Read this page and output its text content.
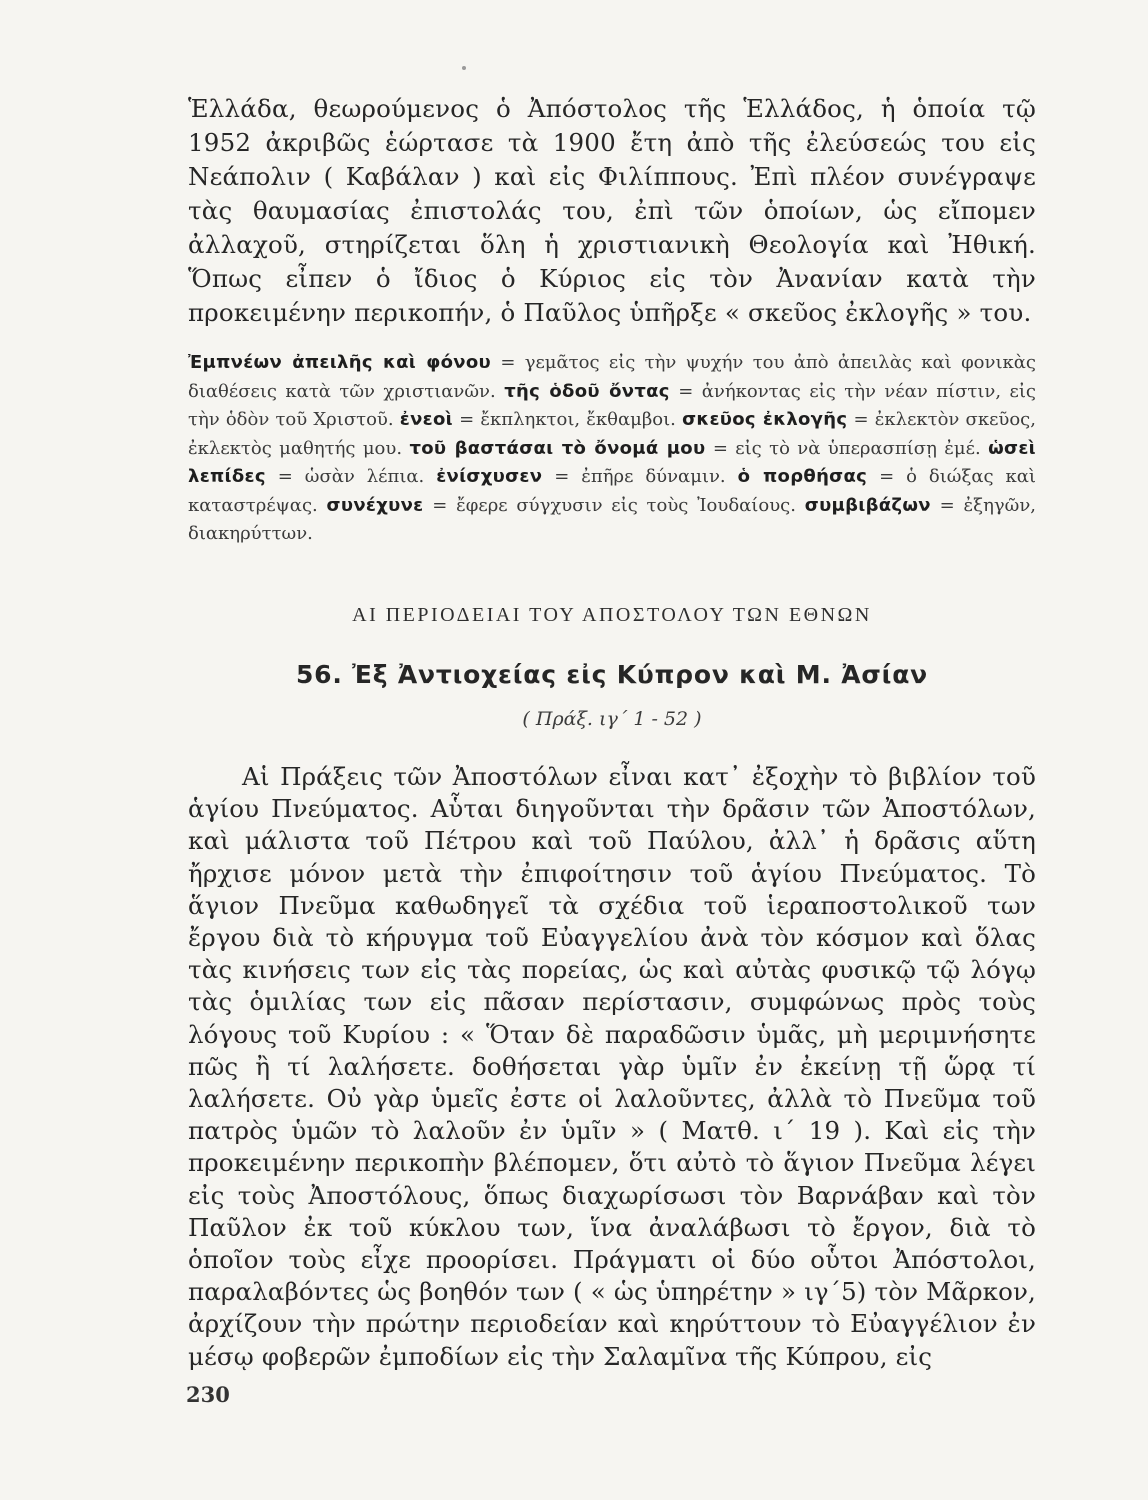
Ἑλλάδα, θεωρούμενος ὁ Ἀπόστολος τῆς Ἑλλάδος, ἡ ὁποία τῷ 1952 ἀκριβῶς ἑώρτασε τὰ 1900 ἔτη ἀπὸ τῆς ἐλεύσεώς του εἰς Νεάπολιν ( Καβάλαν ) καὶ εἰς Φιλίππους. Ἐπὶ πλέον συνέγραψε τὰς θαυμασίας ἐπιστολάς του, ἐπὶ τῶν ὁποίων, ὡς εἴπομεν ἀλλαχοῦ, στηρίζεται ὅλη ἡ χριστιανικὴ Θεολογία καὶ Ἠθική. Ὅπως εἶπεν ὁ ἴδιος ὁ Κύριος εἰς τὸν Ἀνανίαν κατὰ τὴν προκειμένην περικοπήν, ὁ Παῦλος ὑπῆρξε « σκεῦος ἐκλογῆς » του.

Ἐμπνέων ἀπειλῆς καὶ φόνου = γεμᾶτος εἰς τὴν ψυχήν του ἀπὸ ἀπειλὰς καὶ φονικὰς διαθέσεις κατὰ τῶν χριστιανῶν. τῆς ὁδοῦ ὄντας = ἀνήκοντας εἰς τὴν νέαν πίστιν, εἰς τὴν ὁδὸν τοῦ Χριστοῦ. ἐνεοὶ = ἔκπληκτοι, ἔκθαμβοι. σκεῦος ἐκλογῆς = ἐκλεκτὸν σκεῦος, ἐκλεκτὸς μαθητής μου. τοῦ βαστάσαι τὸ ὄνομά μου = εἰς τὸ νὰ ὑπερασπίσῃ ἐμέ. ὡσεὶ λεπίδες = ὡσὰν λέπια. ἐνίσχυσεν = ἐπῆρε δύναμιν. ὁ πορθήσας = ὁ διώξας καὶ καταστρέψας. συνέχυνε = ἔφερε σύγχυσιν εἰς τοὺς Ἰουδαίους. συμβιβάζων = ἐξηγῶν, διακηρύττων.

ΑΙ ΠΕΡΙΟΔΕΙΑΙ ΤΟΥ ΑΠΟΣΤΟΛΟΥ ΤΩΝ ΕΘΝΩΝ
56. Ἐξ Ἀντιοχείας εἰς Κύπρον καὶ Μ. Ἀσίαν
( Πράξ. ιγ΄ 1 - 52 )

Αἱ Πράξεις τῶν Ἀποστόλων εἶναι κατ᾿ ἐξοχὴν τὸ βιβλίον τοῦ ἁγίου Πνεύματος. Αὗται διηγοῦνται τὴν δρᾶσιν τῶν Ἀποστόλων, καὶ μάλιστα τοῦ Πέτρου καὶ τοῦ Παύλου, ἀλλ᾿ ἡ δρᾶσις αὕτη ἤρχισε μόνον μετὰ τὴν ἐπιφοίτησιν τοῦ ἁγίου Πνεύματος. Τὸ ἅγιον Πνεῦμα καθωδηγεῖ τὰ σχέδια τοῦ ἱεραποστολικοῦ των ἔργου διὰ τὸ κήρυγμα τοῦ Εὐαγγελίου ἀνὰ τὸν κόσμον καὶ ὅλας τὰς κινήσεις των εἰς τὰς πορείας, ὡς καὶ αὐτὰς φυσικῷ τῷ λόγῳ τὰς ὁμιλίας των εἰς πᾶσαν περίστασιν, συμφώνως πρὸς τοὺς λόγους τοῦ Κυρίου : « Ὅταν δὲ παραδῶσιν ὑμᾶς, μὴ μεριμνήσητε πῶς ἢ τί λαλήσετε. δοθήσεται γὰρ ὑμῖν ἐν ἐκείνῃ τῇ ὥρᾳ τί λαλήσετε. Οὐ γὰρ ὑμεῖς ἐστε οἱ λαλοῦντες, ἀλλὰ τὸ Πνεῦμα τοῦ πατρὸς ὑμῶν τὸ λαλοῦν ἐν ὑμῖν » ( Ματθ. ι΄ 19 ). Καὶ εἰς τὴν προκειμένην περικοπὴν βλέπομεν, ὅτι αὐτὸ τὸ ἅγιον Πνεῦμα λέγει εἰς τοὺς Ἀποστόλους, ὅπως διαχωρίσωσι τὸν Βαρνάβαν καὶ τὸν Παῦλον ἐκ τοῦ κύκλου των, ἵνα ἀναλάβωσι τὸ ἔργον, διὰ τὸ ὁποῖον τοὺς εἶχε προορίσει. Πράγματι οἱ δύο οὗτοι Ἀπόστολοι, παραλαβόντες ὡς βοηθόν των ( « ὡς ὑπηρέτην » ιγ΄5) τὸν Μᾶρκον, ἀρχίζουν τὴν πρώτην περιοδείαν καὶ κηρύττουν τὸ Εὐαγγέλιον ἐν μέσῳ φοβερῶν ἐμποδίων εἰς τὴν Σαλαμῖνα τῆς Κύπρου, εἰς

230
